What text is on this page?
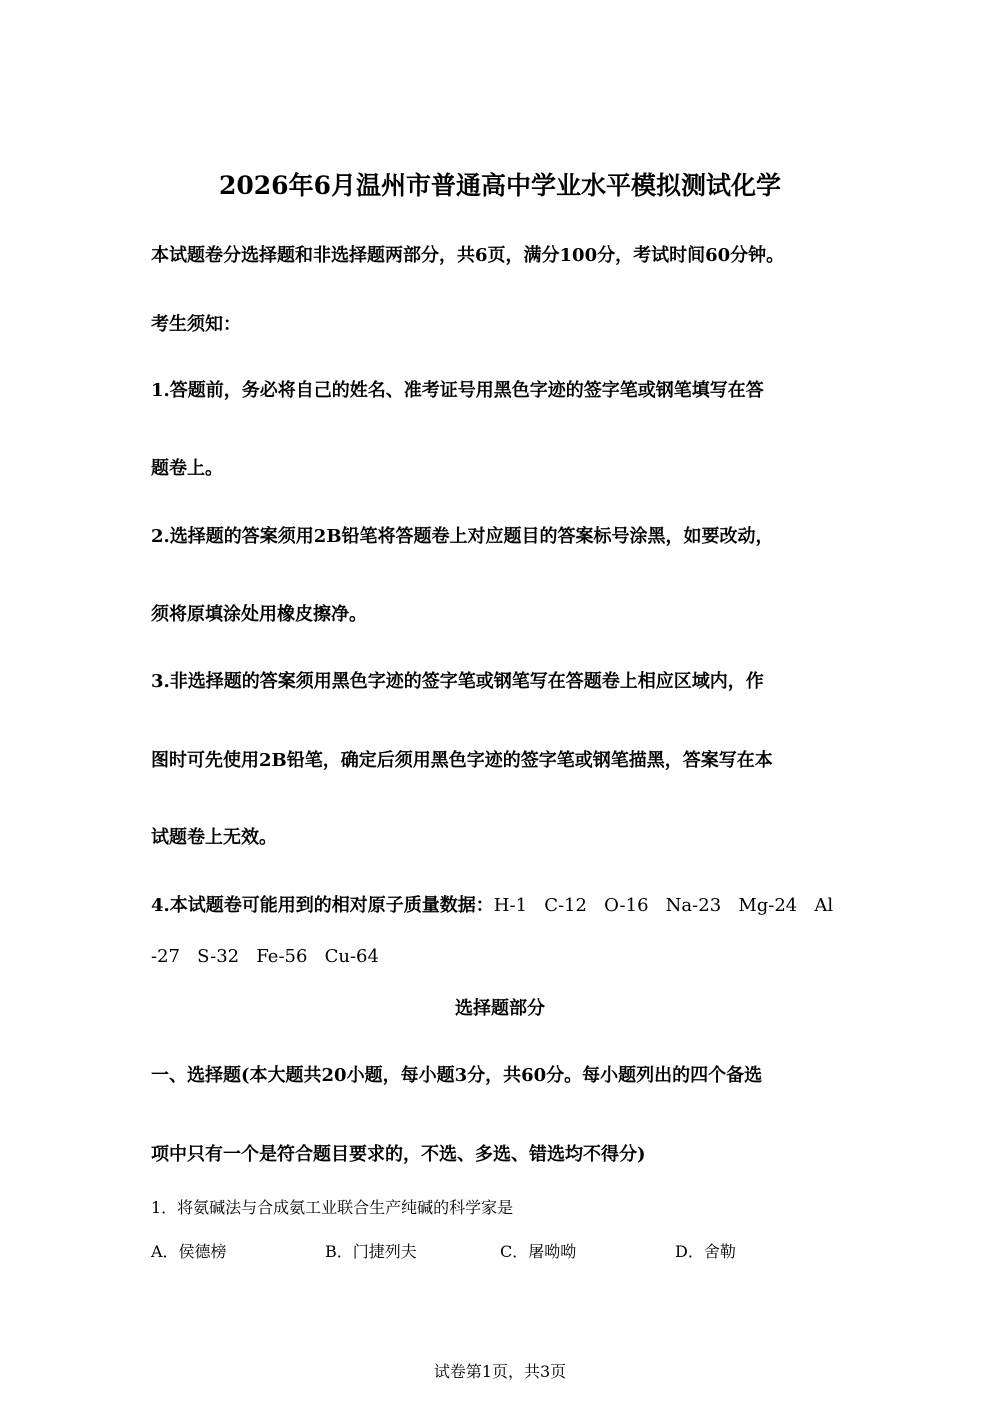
2026年6月温州市普通高中学业水平模拟测试化学
本试题卷分选择题和非选择题两部分，共6页，满分100分，考试时间60分钟。
考生须知：
1.答题前，务必将自己的姓名、准考证号用黑色字迹的签字笔或钢笔填写在答
题卷上。
2.选择题的答案须用2B铅笔将答题卷上对应题目的答案标号涂黑，如要改动，
须将原填涂处用橡皮擦净。
3.非选择题的答案须用黑色字迹的签字笔或钢笔写在答题卷上相应区域内，作
图时可先使用2B铅笔，确定后须用黑色字迹的签字笔或钢笔描黑，答案写在本
试题卷上无效。
4.本试题卷可能用到的相对原子质量数据：H-1   C-12   O-16   Na-23   Mg-24   Al
-27   S-32   Fe-56   Cu-64
选择题部分
一、选择题(本大题共20小题，每小题3分，共60分。每小题列出的四个备选
项中只有一个是符合题目要求的，不选、多选、错选均不得分)
1．将氨碱法与合成氨工业联合生产纯碱的科学家是
A．侯德榜	B．门捷列夫	C．屠呦呦	D．舍勒
试卷第1页，共3页
